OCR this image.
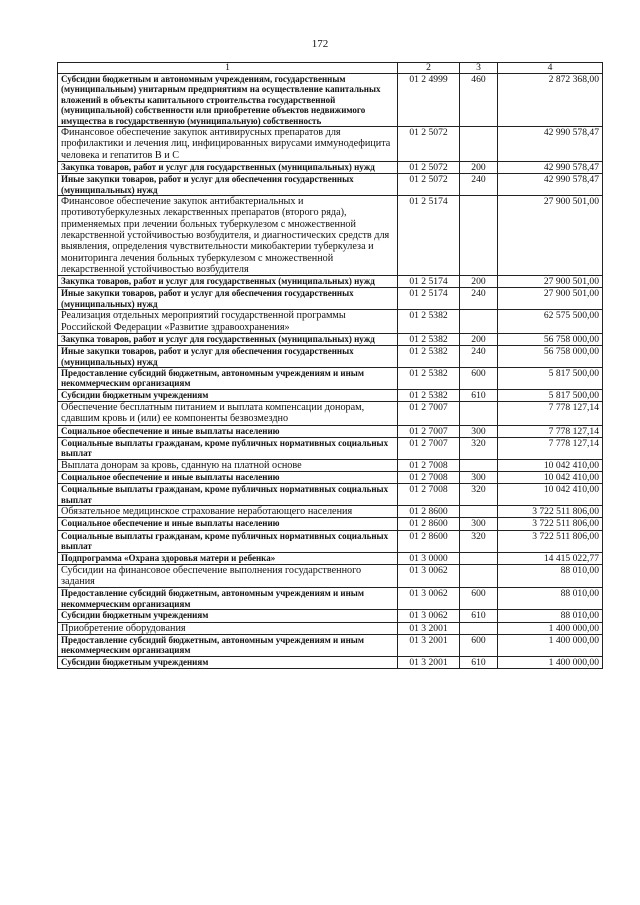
172
1	2	3	4
Субсидии бюджетным и автономным учреждениям, государственным (муниципальным) унитарным предприятиям на осуществление капитальных вложений в объекты капитального строительства государственной (муниципальной) собственности или приобретение объектов недвижимого имущества в государственную (муниципальную) собственность	01 2 4999	460	2 872 368,00
Финансовое обеспечение закупок антивирусных препаратов для профилактики и лечения лиц, инфицированных вирусами иммунодефицита человека и гепатитов В и С	01 2 5072		42 990 578,47
Закупка товаров, работ и услуг для государственных (муниципальных) нужд	01 2 5072	200	42 990 578,47
Иные закупки товаров, работ и услуг для обеспечения государственных (муниципальных) нужд	01 2 5072	240	42 990 578,47
Финансовое обеспечение закупок антибактериальных и противотуберкулезных лекарственных препаратов (второго ряда), применяемых при лечении больных туберкулезом с множественной лекарственной устойчивостью возбудителя, и диагностических средств для выявления, определения чувствительности микобактерии туберкулеза и мониторинга лечения больных туберкулезом с множественной лекарственной устойчивостью возбудителя	01 2 5174		27 900 501,00
Закупка товаров, работ и услуг для государственных (муниципальных) нужд	01 2 5174	200	27 900 501,00
Иные закупки товаров, работ и услуг для обеспечения государственных (муниципальных) нужд	01 2 5174	240	27 900 501,00
Реализация отдельных мероприятий государственной программы Российской Федерации «Развитие здравоохранения»	01 2 5382		62 575 500,00
Закупка товаров, работ и услуг для государственных (муниципальных) нужд	01 2 5382	200	56 758 000,00
Иные закупки товаров, работ и услуг для обеспечения государственных (муниципальных) нужд	01 2 5382	240	56 758 000,00
Предоставление субсидий бюджетным, автономным учреждениям и иным некоммерческим организациям	01 2 5382	600	5 817 500,00
Субсидии бюджетным учреждениям	01 2 5382	610	5 817 500,00
Обеспечение бесплатным питанием и выплата компенсации донорам, сдавшим кровь и (или) ее компоненты безвозмездно	01 2 7007		7 778 127,14
Социальное обеспечение и иные выплаты населению	01 2 7007	300	7 778 127,14
Социальные выплаты гражданам, кроме публичных нормативных социальных выплат	01 2 7007	320	7 778 127,14
Выплата донорам за кровь, сданную на платной основе	01 2 7008		10 042 410,00
Социальное обеспечение и иные выплаты населению	01 2 7008	300	10 042 410,00
Социальные выплаты гражданам, кроме публичных нормативных социальных выплат	01 2 7008	320	10 042 410,00
Обязательное медицинское страхование неработающего населения	01 2 8600		3 722 511 806,00
Социальное обеспечение и иные выплаты населению	01 2 8600	300	3 722 511 806,00
Социальные выплаты гражданам, кроме публичных нормативных социальных выплат	01 2 8600	320	3 722 511 806,00
Подпрограмма «Охрана здоровья матери и ребенка»	01 3 0000		14 415 022,77
Субсидии на финансовое обеспечение выполнения государственного задания	01 3 0062		88 010,00
Предоставление субсидий бюджетным, автономным учреждениям и иным некоммерческим организациям	01 3 0062	600	88 010,00
Субсидии бюджетным учреждениям	01 3 0062	610	88 010,00
Приобретение оборудования	01 3 2001		1 400 000,00
Предоставление субсидий бюджетным, автономным учреждениям и иным некоммерческим организациям	01 3 2001	600	1 400 000,00
Субсидии бюджетным учреждениям	01 3 2001	610	1 400 000,00
